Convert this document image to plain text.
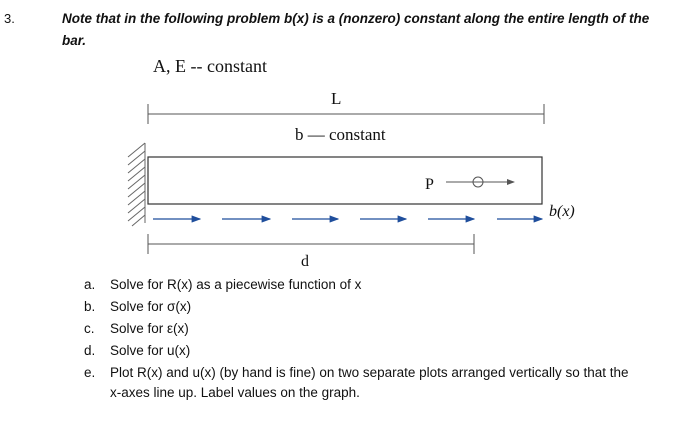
3.	Note that in the following problem b(x) is a (nonzero) constant along the entire length of the
bar.
A, E -- constant
L
b — constant
P
d
b(x)
a. Solve for R(x) as a piecewise function of x
b. Solve for σ(x)
c. Solve for ε(x)
d. Solve for u(x)
e. Plot R(x) and u(x) (by hand is fine) on two separate plots arranged vertically so that the
x-axes line up. Label values on the graph.
